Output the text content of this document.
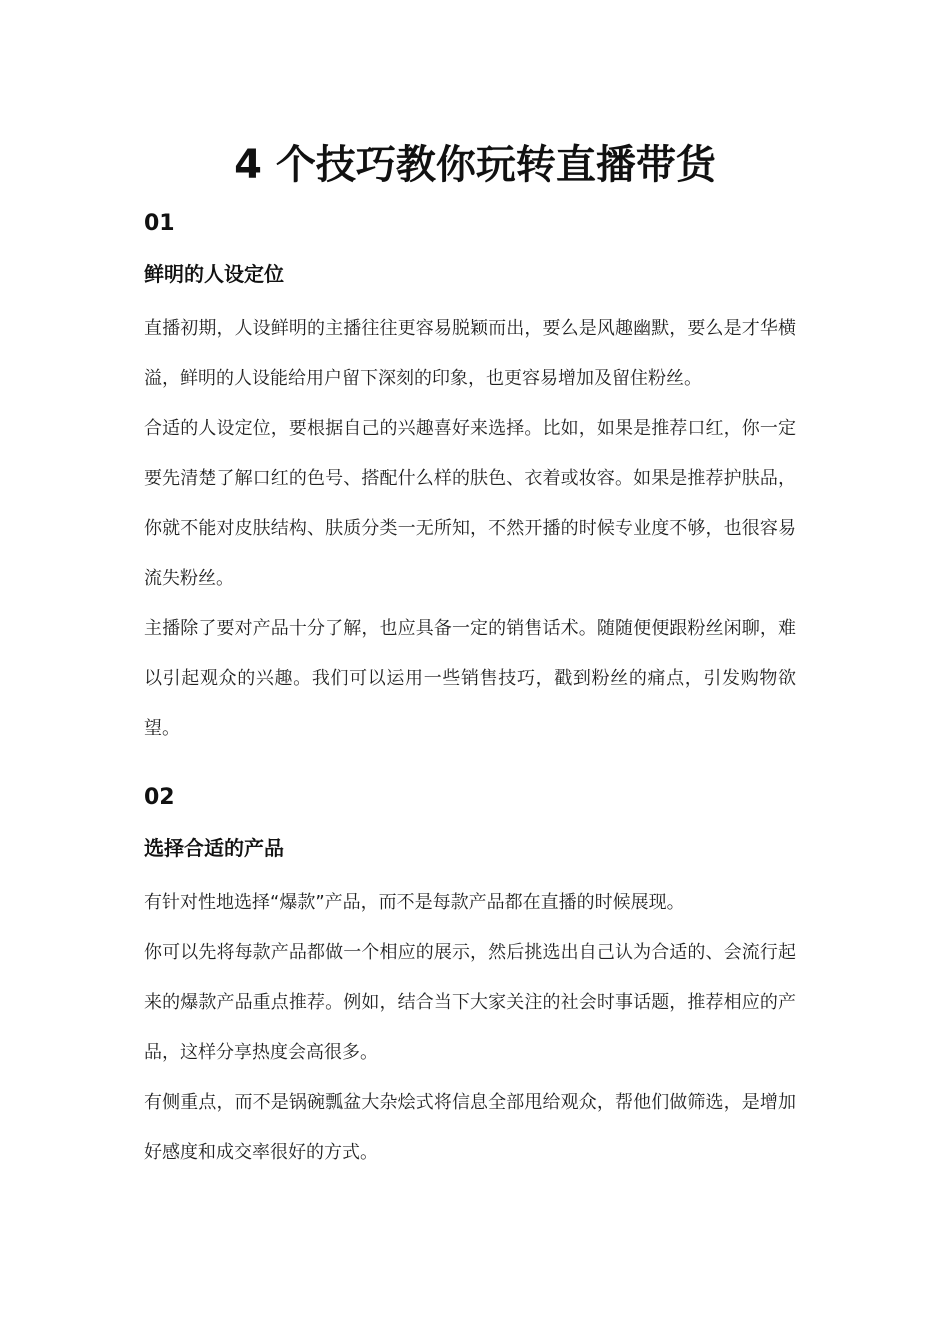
4 个技巧教你玩转直播带货
01
鲜明的人设定位

直播初期，人设鲜明的主播往往更容易脱颖而出，要么是风趣幽默，要么是才华横溢，鲜明的人设能给用户留下深刻的印象，也更容易增加及留住粉丝。

合适的人设定位，要根据自己的兴趣喜好来选择。比如，如果是推荐口红，你一定要先清楚了解口红的色号、搭配什么样的肤色、衣着或妆容。如果是推荐护肤品，你就不能对皮肤结构、肤质分类一无所知，不然开播的时候专业度不够，也很容易流失粉丝。

主播除了要对产品十分了解，也应具备一定的销售话术。随随便便跟粉丝闲聊，难以引起观众的兴趣。我们可以运用一些销售技巧，戳到粉丝的痛点，引发购物欲望。

02
选择合适的产品

有针对性地选择“爆款”产品，而不是每款产品都在直播的时候展现。

你可以先将每款产品都做一个相应的展示，然后挑选出自己认为合适的、会流行起来的爆款产品重点推荐。例如，结合当下大家关注的社会时事话题，推荐相应的产品，这样分享热度会高很多。

有侧重点，而不是锅碗瓢盆大杂烩式将信息全部甩给观众，帮他们做筛选，是增加好感度和成交率很好的方式。
